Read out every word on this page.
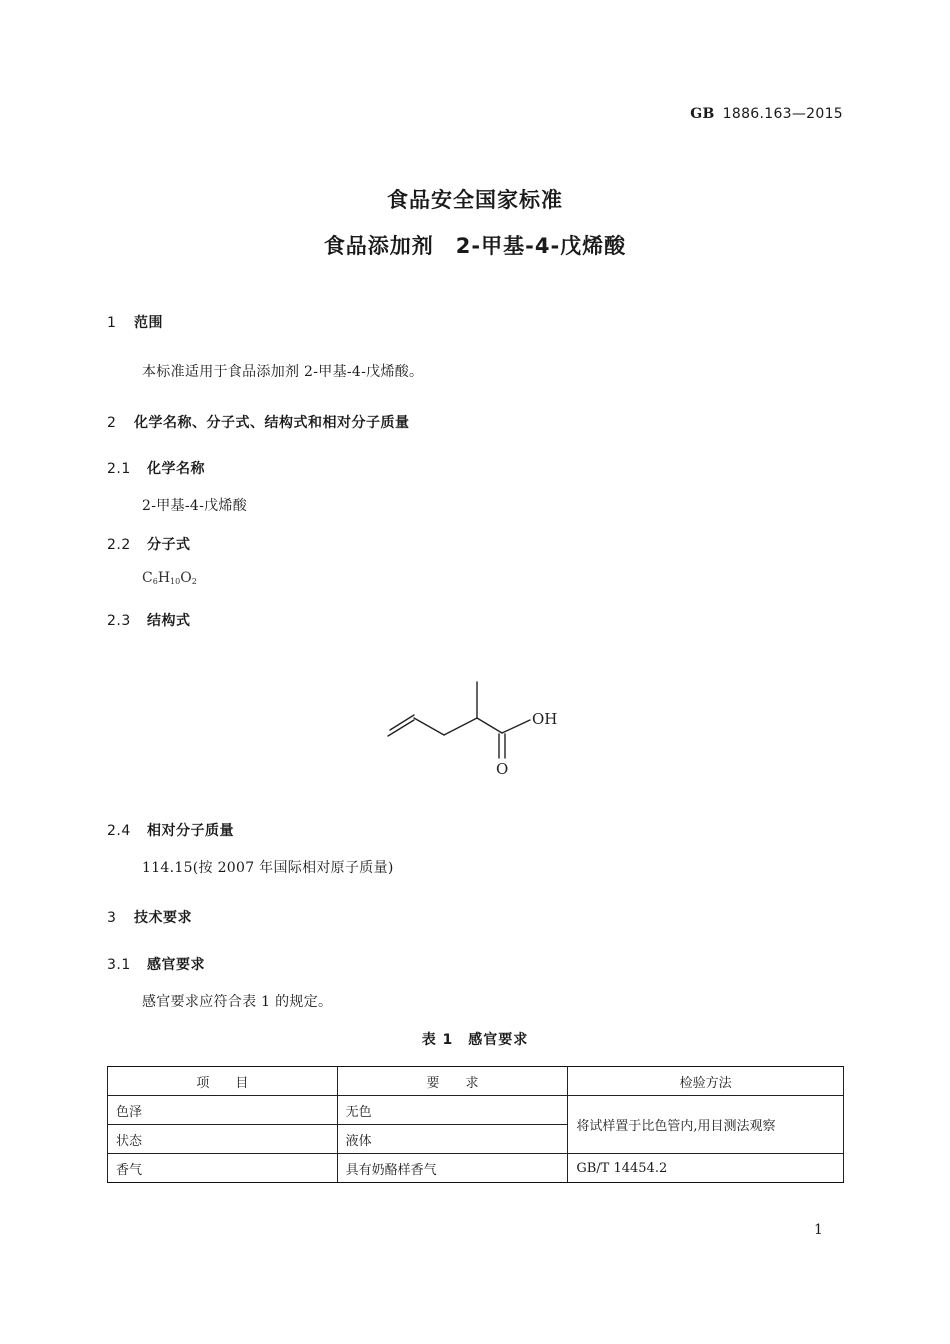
GB 1886.163—2015
食品安全国家标准
食品添加剂　2-甲基-4-戊烯酸
1 范围
本标准适用于食品添加剂 2-甲基-4-戊烯酸。
2 化学名称、分子式、结构式和相对分子质量
2.1 化学名称
2-甲基-4-戊烯酸
2.2 分子式
$C_6H_{10}O_2$
2.3 结构式
OH
O
2.4 相对分子质量
114.15(按 2007 年国际相对原子质量)
3 技术要求
3.1 感官要求
感官要求应符合表 1 的规定。
表 1　感官要求
项　　目	要　　求	检验方法
色泽	无色	将试样置于比色管内,用目测法观察
状态	液体	
香气	具有奶酪样香气	GB/T 14454.2
1
